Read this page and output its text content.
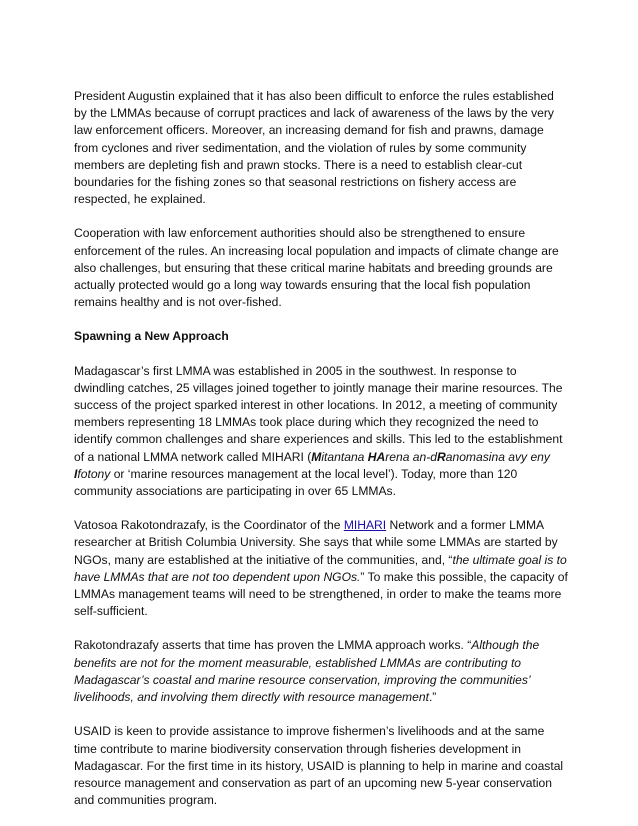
President Augustin explained that it has also been difficult to enforce the rules established by the LMMAs because of corrupt practices and lack of awareness of the laws by the very law enforcement officers. Moreover, an increasing demand for fish and prawns, damage from cyclones and river sedimentation, and the violation of rules by some community members are depleting fish and prawn stocks. There is a need to establish clear-cut boundaries for the fishing zones so that seasonal restrictions on fishery access are respected, he explained.

Cooperation with law enforcement authorities should also be strengthened to ensure enforcement of the rules. An increasing local population and impacts of climate change are also challenges, but ensuring that these critical marine habitats and breeding grounds are actually protected would go a long way towards ensuring that the local fish population remains healthy and is not over-fished.

Spawning a New Approach

Madagascar’s first LMMA was established in 2005 in the southwest. In response to dwindling catches, 25 villages joined together to jointly manage their marine resources. The success of the project sparked interest in other locations. In 2012, a meeting of community members representing 18 LMMAs took place during which they recognized the need to identify common challenges and share experiences and skills. This led to the establishment of a national LMMA network called MIHARI (Mitantana HArena an-dRanomasina avy eny Ifotony or ‘marine resources management at the local level’). Today, more than 120 community associations are participating in over 65 LMMAs.

Vatosoa Rakotondrazafy, is the Coordinator of the MIHARI Network and a former LMMA researcher at British Columbia University. She says that while some LMMAs are started by NGOs, many are established at the initiative of the communities, and, “the ultimate goal is to have LMMAs that are not too dependent upon NGOs.” To make this possible, the capacity of LMMAs management teams will need to be strengthened, in order to make the teams more self-sufficient.

Rakotondrazafy asserts that time has proven the LMMA approach works. “Although the benefits are not for the moment measurable, established LMMAs are contributing to Madagascar’s coastal and marine resource conservation, improving the communities’ livelihoods, and involving them directly with resource management.”

USAID is keen to provide assistance to improve fishermen’s livelihoods and at the same time contribute to marine biodiversity conservation through fisheries development in Madagascar. For the first time in its history, USAID is planning to help in marine and coastal resource management and conservation as part of an upcoming new 5-year conservation and communities program.
